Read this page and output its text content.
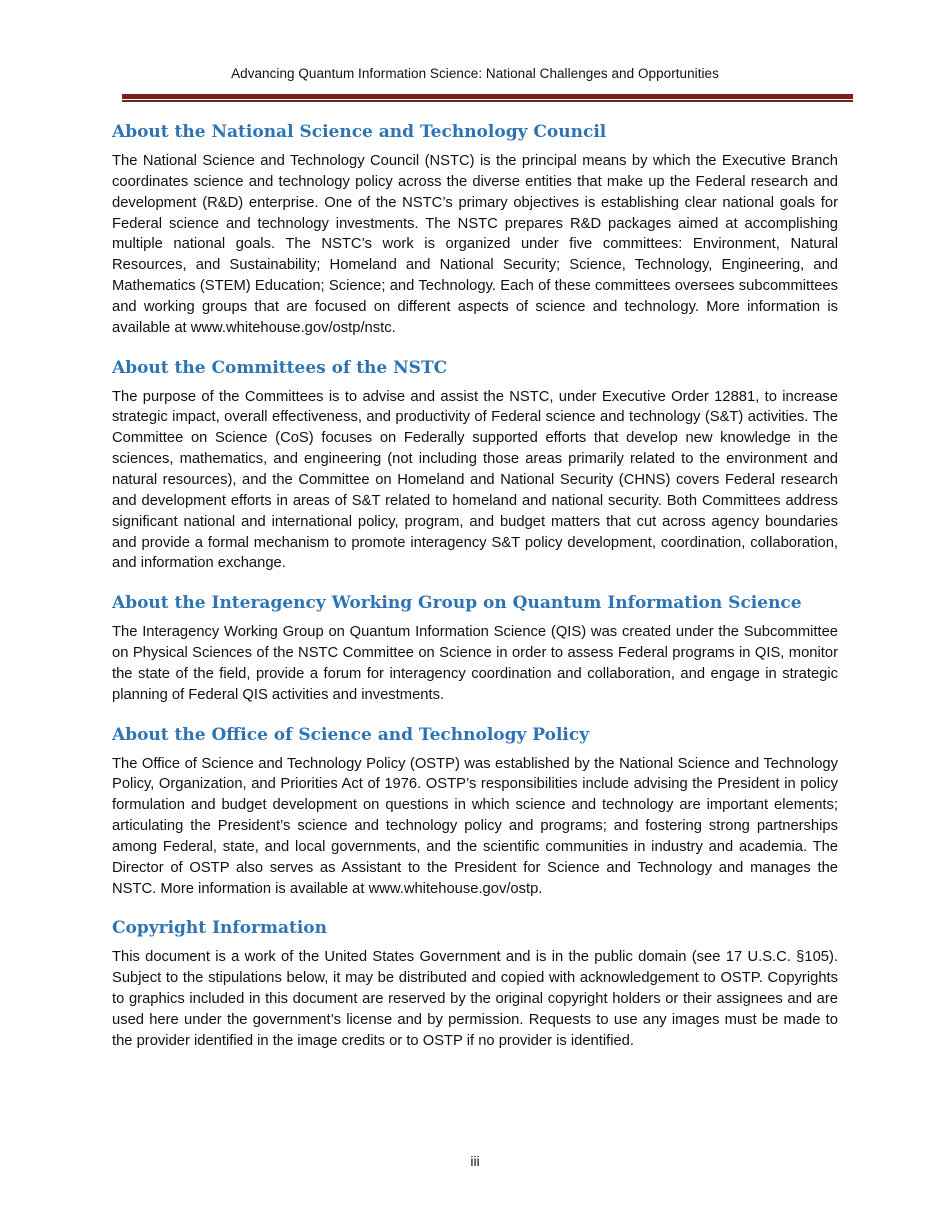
Advancing Quantum Information Science: National Challenges and Opportunities
About the National Science and Technology Council

The National Science and Technology Council (NSTC) is the principal means by which the Executive Branch coordinates science and technology policy across the diverse entities that make up the Federal research and development (R&D) enterprise. One of the NSTC’s primary objectives is establishing clear national goals for Federal science and technology investments. The NSTC prepares R&D packages aimed at accomplishing multiple national goals. The NSTC’s work is organized under five committees: Environment, Natural Resources, and Sustainability; Homeland and National Security; Science, Technology, Engineering, and Mathematics (STEM) Education; Science; and Technology. Each of these committees oversees subcommittees and working groups that are focused on different aspects of science and technology. More information is available at www.whitehouse.gov/ostp/nstc.

About the Committees of the NSTC

The purpose of the Committees is to advise and assist the NSTC, under Executive Order 12881, to increase strategic impact, overall effectiveness, and productivity of Federal science and technology (S&T) activities. The Committee on Science (CoS) focuses on Federally supported efforts that develop new knowledge in the sciences, mathematics, and engineering (not including those areas primarily related to the environment and natural resources), and the Committee on Homeland and National Security (CHNS) covers Federal research and development efforts in areas of S&T related to homeland and national security. Both Committees address significant national and international policy, program, and budget matters that cut across agency boundaries and provide a formal mechanism to promote interagency S&T policy development, coordination, collaboration, and information exchange.

About the Interagency Working Group on Quantum Information Science

The Interagency Working Group on Quantum Information Science (QIS) was created under the Subcommittee on Physical Sciences of the NSTC Committee on Science in order to assess Federal programs in QIS, monitor the state of the field, provide a forum for interagency coordination and collaboration, and engage in strategic planning of Federal QIS activities and investments.

About the Office of Science and Technology Policy

The Office of Science and Technology Policy (OSTP) was established by the National Science and Technology Policy, Organization, and Priorities Act of 1976. OSTP’s responsibilities include advising the President in policy formulation and budget development on questions in which science and technology are important elements; articulating the President’s science and technology policy and programs; and fostering strong partnerships among Federal, state, and local governments, and the scientific communities in industry and academia. The Director of OSTP also serves as Assistant to the President for Science and Technology and manages the NSTC. More information is available at www.whitehouse.gov/ostp.

Copyright Information

This document is a work of the United States Government and is in the public domain (see 17 U.S.C. §105). Subject to the stipulations below, it may be distributed and copied with acknowledgement to OSTP. Copyrights to graphics included in this document are reserved by the original copyright holders or their assignees and are used here under the government’s license and by permission. Requests to use any images must be made to the provider identified in the image credits or to OSTP if no provider is identified.

iii
